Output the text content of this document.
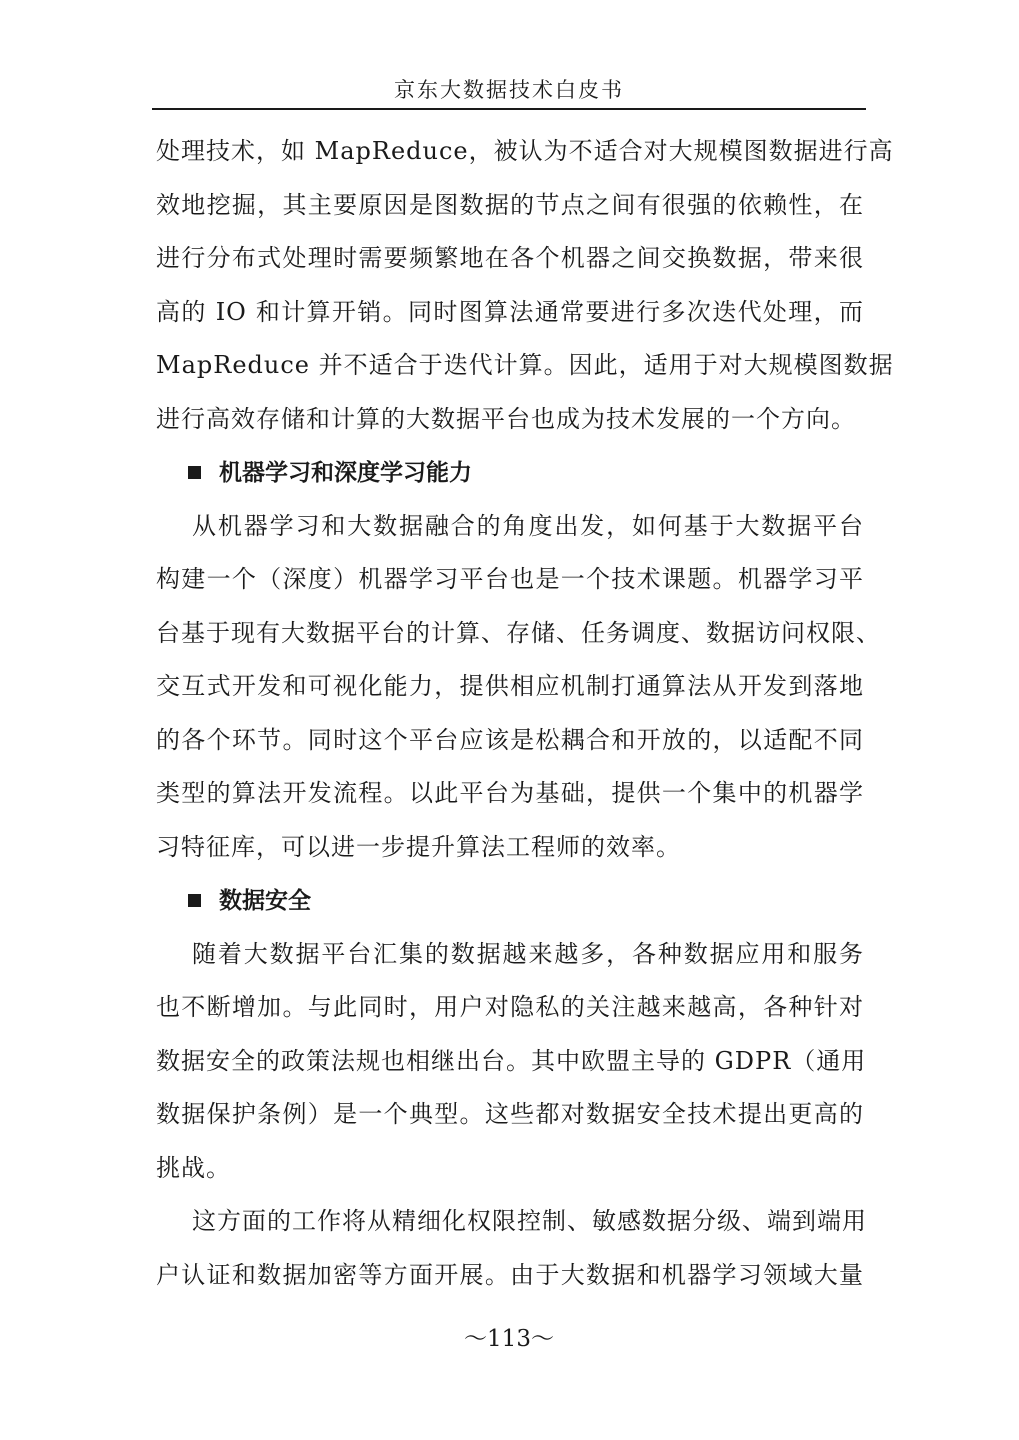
京东大数据技术白皮书

处理技术，如 MapReduce，被认为不适合对大规模图数据进行高
效地挖掘，其主要原因是图数据的节点之间有很强的依赖性，在
进行分布式处理时需要频繁地在各个机器之间交换数据，带来很
高的 IO 和计算开销。同时图算法通常要进行多次迭代处理，而
MapReduce 并不适合于迭代计算。因此，适用于对大规模图数据
进行高效存储和计算的大数据平台也成为技术发展的一个方向。

机器学习和深度学习能力

从机器学习和大数据融合的角度出发，如何基于大数据平台
构建一个（深度）机器学习平台也是一个技术课题。机器学习平
台基于现有大数据平台的计算、存储、任务调度、数据访问权限、
交互式开发和可视化能力，提供相应机制打通算法从开发到落地
的各个环节。同时这个平台应该是松耦合和开放的，以适配不同
类型的算法开发流程。以此平台为基础，提供一个集中的机器学
习特征库，可以进一步提升算法工程师的效率。

数据安全

随着大数据平台汇集的数据越来越多，各种数据应用和服务
也不断增加。与此同时，用户对隐私的关注越来越高，各种针对
数据安全的政策法规也相继出台。其中欧盟主导的 GDPR（通用
数据保护条例）是一个典型。这些都对数据安全技术提出更高的
挑战。

这方面的工作将从精细化权限控制、敏感数据分级、端到端用
户认证和数据加密等方面开展。由于大数据和机器学习领域大量

～113～
